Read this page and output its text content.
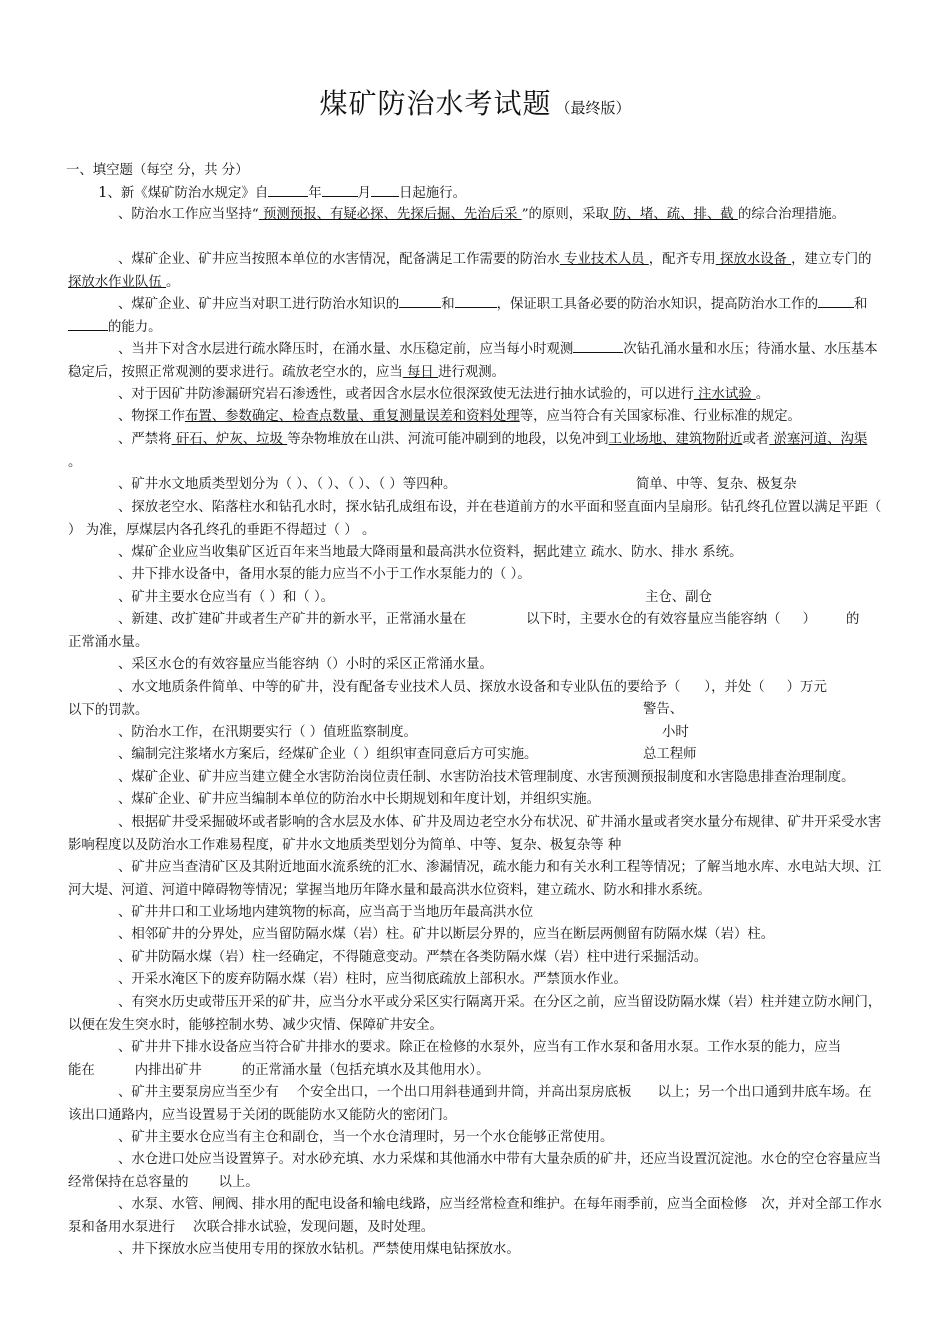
煤矿防治水考试题 （最终版）
一、填空题（每空 分，共 分）
1、新《煤矿防治水规定》自	年	月 日起施行。
、防治水工作应当坚持“ 预测预报、有疑必探、先探后掘、先治后采 ”的原则，采取 防、堵、疏、排、截 的综合治理措施。
、煤矿企业、矿井应当按照本单位的水害情况，配备满足工作需要的防治水 专业技术人员 ，配齐专用 探放水设备 ，建立专门的 探放水作业队伍 。
、煤矿企业、矿井应当对职工进行防治水知识的	和	，保证职工具备必要的防治水知识，提高防治水工作的	和的能力。
、当井下对含水层进行疏水降压时，在涌水量、水压稳定前，应当每小时观测	次钻孔涌水量和水压；待涌水量、水压基本稳定后，按照正常观测的要求进行。疏放老空水的，应当 每日 进行观测。
、对于因矿井防渗漏研究岩石渗透性，或者因含水层水位很深致使无法进行抽水试验的，可以进行 注水试验 。
、物探工作布置、参数确定、检查点数量、重复测量误差和资料处理等，应当符合有关国家标准、行业标准的规定。
、严禁将 矸石、炉灰、垃圾 等杂物堆放在山洪、河流可能冲刷到的地段，以免冲到工业场地、建筑物附近或者 淤塞河道、沟渠 。
、矿井水文地质类型划分为（ ）、（ ）、（ ）、（ ）等四种。	简单、中等、复杂、极复杂
、探放老空水、陷落柱水和钻孔水时，探水钻孔成组布设，并在巷道前方的水平面和竖直面内呈扇形。钻孔终孔位置以满足平距（ ） 为准，厚煤层内各孔终孔的垂距不得超过（ ） 。
、煤矿企业应当收集矿区近百年来当地最大降雨量和最高洪水位资料，据此建立 疏水、防水、排水 系统。
、井下排水设备中，备用水泵的能力应当不小于工作水泵能力的（ ）。
、矿井主要水仓应当有（ ）和（ ）。	主仓、副仓
、新建、改扩建矿井或者生产矿井的新水平，正常涌水量在	以下时，主要水仓的有效容量应当能容纳（ ） 的
正常涌水量。
、采区水仓的有效容量应当能容纳（）小时的采区正常涌水量。
、水文地质条件简单、中等的矿井，没有配备专业技术人员、探放水设备和专业队伍的要给予（ ），并处（ ）万元
以下的罚款。	警告、
、防治水工作，在汛期要实行（ ）值班监察制度。	小时
、编制完注浆堵水方案后，经煤矿企业（ ）组织审查同意后方可实施。	总工程师
、煤矿企业、矿井应当建立健全水害防治岗位责任制、水害防治技术管理制度、水害预测预报制度和水害隐患排查治理制度。
、煤矿企业、矿井应当编制本单位的防治水中长期规划和年度计划，并组织实施。
、根据矿井受采掘破坏或者影响的含水层及水体、矿井及周边老空水分布状况、矿井涌水量或者突水量分布规律、矿井开采受水害影响程度以及防治水工作难易程度，矿井水文地质类型划分为简单、中等、复杂、极复杂等 种
、矿井应当查清矿区及其附近地面水流系统的汇水、渗漏情况，疏水能力和有关水利工程等情况；了解当地水库、水电站大坝、江河大堤、河道、河道中障碍物等情况；掌握当地历年降水量和最高洪水位资料，建立疏水、防水和排水系统。
、矿井井口和工业场地内建筑物的标高，应当高于当地历年最高洪水位
、相邻矿井的分界处，应当留防隔水煤（岩）柱。矿井以断层分界的，应当在断层两侧留有防隔水煤（岩）柱。
、矿井防隔水煤（岩）柱一经确定，不得随意变动。严禁在各类防隔水煤（岩）柱中进行采掘活动。
、开采水淹区下的废弃防隔水煤（岩）柱时，应当彻底疏放上部积水。严禁顶水作业。
、有突水历史或带压开采的矿井，应当分水平或分采区实行隔离开采。在分区之前，应当留设防隔水煤（岩）柱并建立防水闸门，以便在发生突水时，能够控制水势、减少灾情、保障矿井安全。
、矿井井下排水设备应当符合矿井排水的要求。除正在检修的水泵外，应当有工作水泵和备用水泵。工作水泵的能力，应当
能在	内排出矿井	的正常涌水量（包括充填水及其他用水）。
、矿井主要泵房应当至少有 个安全出口，一个出口用斜巷通到井筒，并高出泵房底板 以上；另一个出口通到井底车场。在该出口通路内，应当设置易于关闭的既能防水又能防火的密闭门。
、矿井主要水仓应当有主仓和副仓，当一个水仓清理时，另一个水仓能够正常使用。
、水仓进口处应当设置箅子。对水砂充填、水力采煤和其他涌水中带有大量杂质的矿井，还应当设置沉淀池。水仓的空仓容量应当经常保持在总容量的 以上。
、水泵、水管、闸阀、排水用的配电设备和输电线路，应当经常检查和维护。在每年雨季前，应当全面检修 次，并对全部工作水泵和备用水泵进行 次联合排水试验，发现问题，及时处理。
、井下探放水应当使用专用的探放水钻机。严禁使用煤电钻探放水。
